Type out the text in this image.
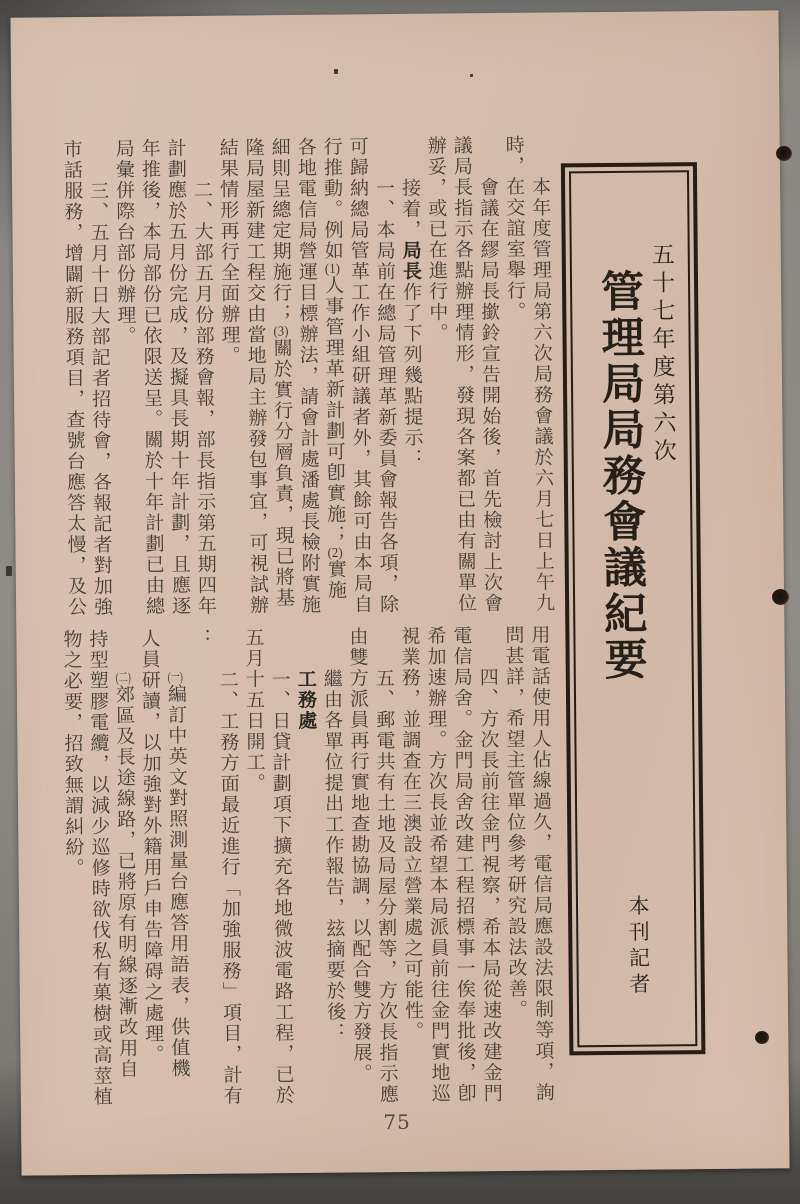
五十七年度第六次
管理局局務會議紀要
本刊記者
本年度管理局第六次局務會議於六月七日上午九
時，在交誼室舉行。
會議在繆局長撳鈴宣告開始後，首先檢討上次會
議局長指示各點辦理情形，發現各案都已由有關單位
辦妥，或已在進行中。
接着，局長作了下列幾點提示：
一、本局前在總局管理革新委員會報告各項，除
可歸納總局管革工作小組研議者外，其餘可由本局自
行推動。例如(1)人事管理革新計劃可卽實施；(2)實施
各地電信局營運目標辦法，請會計處潘處長檢附實施
細則呈總定期施行；(3)關於實行分層負責，現已將基
隆局屋新建工程交由當地局主辦發包事宜，可視試辦
結果情形再行全面辦理。
二、大部五月份部務會報，部長指示第五期四年
計劃應於五月份完成，及擬具長期十年計劃，且應逐
年推後，本局部份已依限送呈。關於十年計劃已由總
局彙併際台部份辦理。
三、五月十日大部記者招待會，各報記者對加強
市話服務，增闢新服務項目，查號台應答太慢，及公
用電話使用人佔線過久，電信局應設法限制等項，詢
問甚詳，希望主管單位參考研究設法改善。
四、方次長前往金門視察，希本局從速改建金門
電信局舍。金門局舍改建工程招標事一俟奉批後，卽
希加速辦理。方次長並希望本局派員前往金門實地巡
視業務，並調查在三澳設立營業處之可能性。
五、郵電共有土地及局屋分割等，方次長指示應
由雙方派員再行實地查勘協調，以配合雙方發展。
繼由各單位提出工作報告，玆摘要於後：
工務處
一、日貸計劃項下擴充各地微波電路工程，已於
五月十五日開工。
二、工務方面最近進行「加強服務」項目，計有
：
(一)編訂中英文對照測量台應答用語表，供值機
人員研讀，以加強對外籍用戶申告障碍之處理。
(二)郊區及長途線路，已將原有明線逐漸改用自
持型塑膠電纜，以減少巡修時欲伐私有菓樹或高莖植
物之必要，招致無謂糾紛。
75
